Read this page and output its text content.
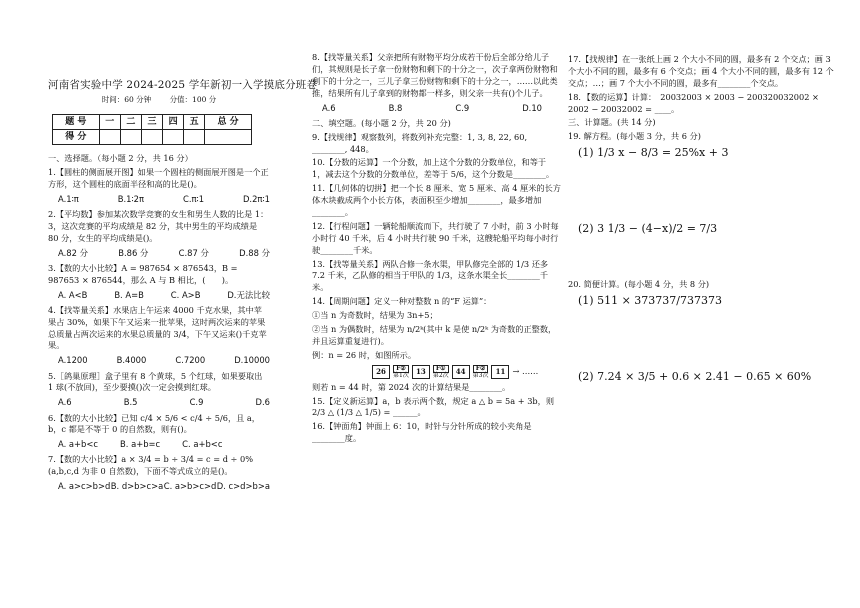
河南省实验中学 2024-2025 学年新初一入学摸底分班卷
时间：60 分钟 分值：100 分
题 号	一	二	三	四	五	总 分
得 分						
一、选择题。（每小题 2 分，共 16 分）
1.【圆柱的侧面展开图】如果一个圆柱的侧面展开图是一个正方形，这个圆柱的底面半径和高的比是()。
A.1∶π	B.1∶2π	C.π∶1	D.2π∶1
2.【平均数】参加某次数学竞赛的女生和男生人数的比是 1：3，这次竞赛的平均成绩是 82 分，其中男生的平均成绩是 80 分，女生的平均成绩是()。
A.82 分	B.86 分	C.87 分	D.88 分
3.【数的大小比较】A = 987654 × 876543，B = 987653 × 876544，那么 A 与 B 相比，(　　)。
A. A<B	B. A=B	C. A>B	D.无法比较
4.【找等量关系】水果店上午运来 4000 千克水果，其中苹果占 30%，如果下午又运来一批苹果，这时两次运来的苹果总质量占两次运来的水果总质量的 3/4，下午又运来()千克苹果。
A.1200	B.4000	C.7200	D.10000
5.［鸽巢原理］盒子里有 8 个黄球，5 个红球，如果要取出 1 球(不放回)，至少要摸()次一定会摸到红球。
A.6	B.5	C.9	D.6
6.【数的大小比较】已知 c/4 × 5/6 < c/4 ÷ 5/6，且 a，b，c 都是不等于 0 的自然数，则有()。
A. a+b<c	B. a+b=c	C. a+b<c
7.【数的大小比较】a × 3/4 = b ÷ 3/4 = c = d ÷ 0%(a,b,c,d 为非 0 自然数)，下面不等式成立的是()。
A. a>c>b>d B. d>b>c>a C. a>b>c>d D. c>d>b>a
8.【找等量关系】父亲把所有财物平均分成若干份后全部分给儿子们，其规则是长子拿一份财物和剩下的十分之一，次子拿两份财物和剩下的十分之一，三儿子拿三份财物和剩下的十分之一，……以此类推，结果所有儿子拿到的财物都一样多，则父亲一共有()个儿子。
A.6	B.8	C.9	D.10
二、填空题。(每小题 2 分，共 20 分)
9.【找规律】观察数列，将数列补充完整：1, 3, 8, 22, 60, ________, 448。
10.【分数的运算】一个分数，加上这个分数的分数单位，和等于 1，减去这个分数的分数单位，差等于 5/6，这个分数是________。
11.【几何体的切拼】把一个长 8 厘米、宽 5 厘米、高 4 厘米的长方体木块截成两个小长方体，表面积至少增加________，最多增加________。
12.【行程问题】一辆轮船顺流而下，共行驶了 7 小时，前 3 小时每小时行 40 千米，后 4 小时共行驶 90 千米，这艘轮船平均每小时行驶________千米。
13.【找等量关系】两队合修一条水渠，甲队修完全部的 1/3 还多 7.2 千米，乙队修的相当于甲队的 1/3，这条水渠全长________千米。
14.【周期问题】定义一种对整数 n 的“F 运算”：
①当 n 为奇数时，结果为 3n+5；
②当 n 为偶数时，结果为 n/2ᵏ(其中 k 是使 n/2ᵏ 为奇数的正整数，并且运算重复进行)。
例：n = 26 时，如图所示。
26	F②
第1次	13	F①
第2次	44	F②
第3次	11 → ……
则若 n = 44 时，第 2024 次的计算结果是________。
15.【定义新运算】a，b 表示两个数，规定 a △ b = 5a + 3b，则 2/3 △ (1/3 △ 1/5) = ______。
16.【钟面角】钟面上 6：10，时针与分针所成的较小夹角是________度。
17.【找规律】在一张纸上画 2 个大小不同的圆，最多有 2 个交点；画 3 个大小不同的圆，最多有 6 个交点；画 4 个大小不同的圆，最多有 12 个交点；…；画 7 个大小不同的圆，最多有________个交点。
18．【数的运算】计算：　20032003 × 2003 − 200320032002 × 2002 − 20032002 = ____。
三、计算题。(共 14 分)
19. 解方程。(每小题 3 分，共 6 分)
(1) 1/3 x − 8/3 = 25%x + 3
(2) 3 1/3 − (4−x)/2 = 7/3
20. 简便计算。(每小题 4 分，共 8 分)
(1) 511 × 373737/737373
(2) 7.24 × 3/5 + 0.6 × 2.41 − 0.65 × 60%
